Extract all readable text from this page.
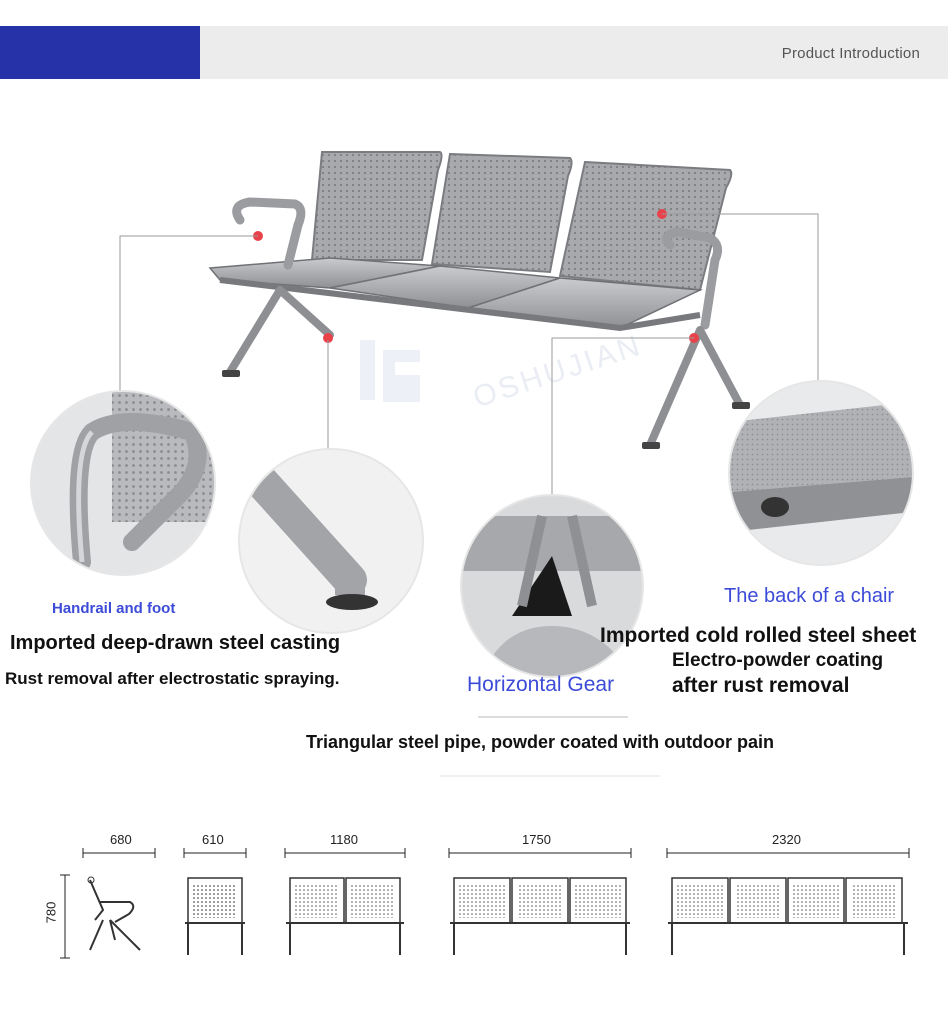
Product Introduction
OSHUJIAN
Handrail and foot
Imported deep-drawn steel casting
Rust removal after electrostatic spraying.	Horizontal Gear
The back of a chair
Imported cold rolled steel sheet
Electro-powder coating
after rust removal
Triangular steel pipe, powder coated with outdoor pain
680
780
610	1180	1750	2320
